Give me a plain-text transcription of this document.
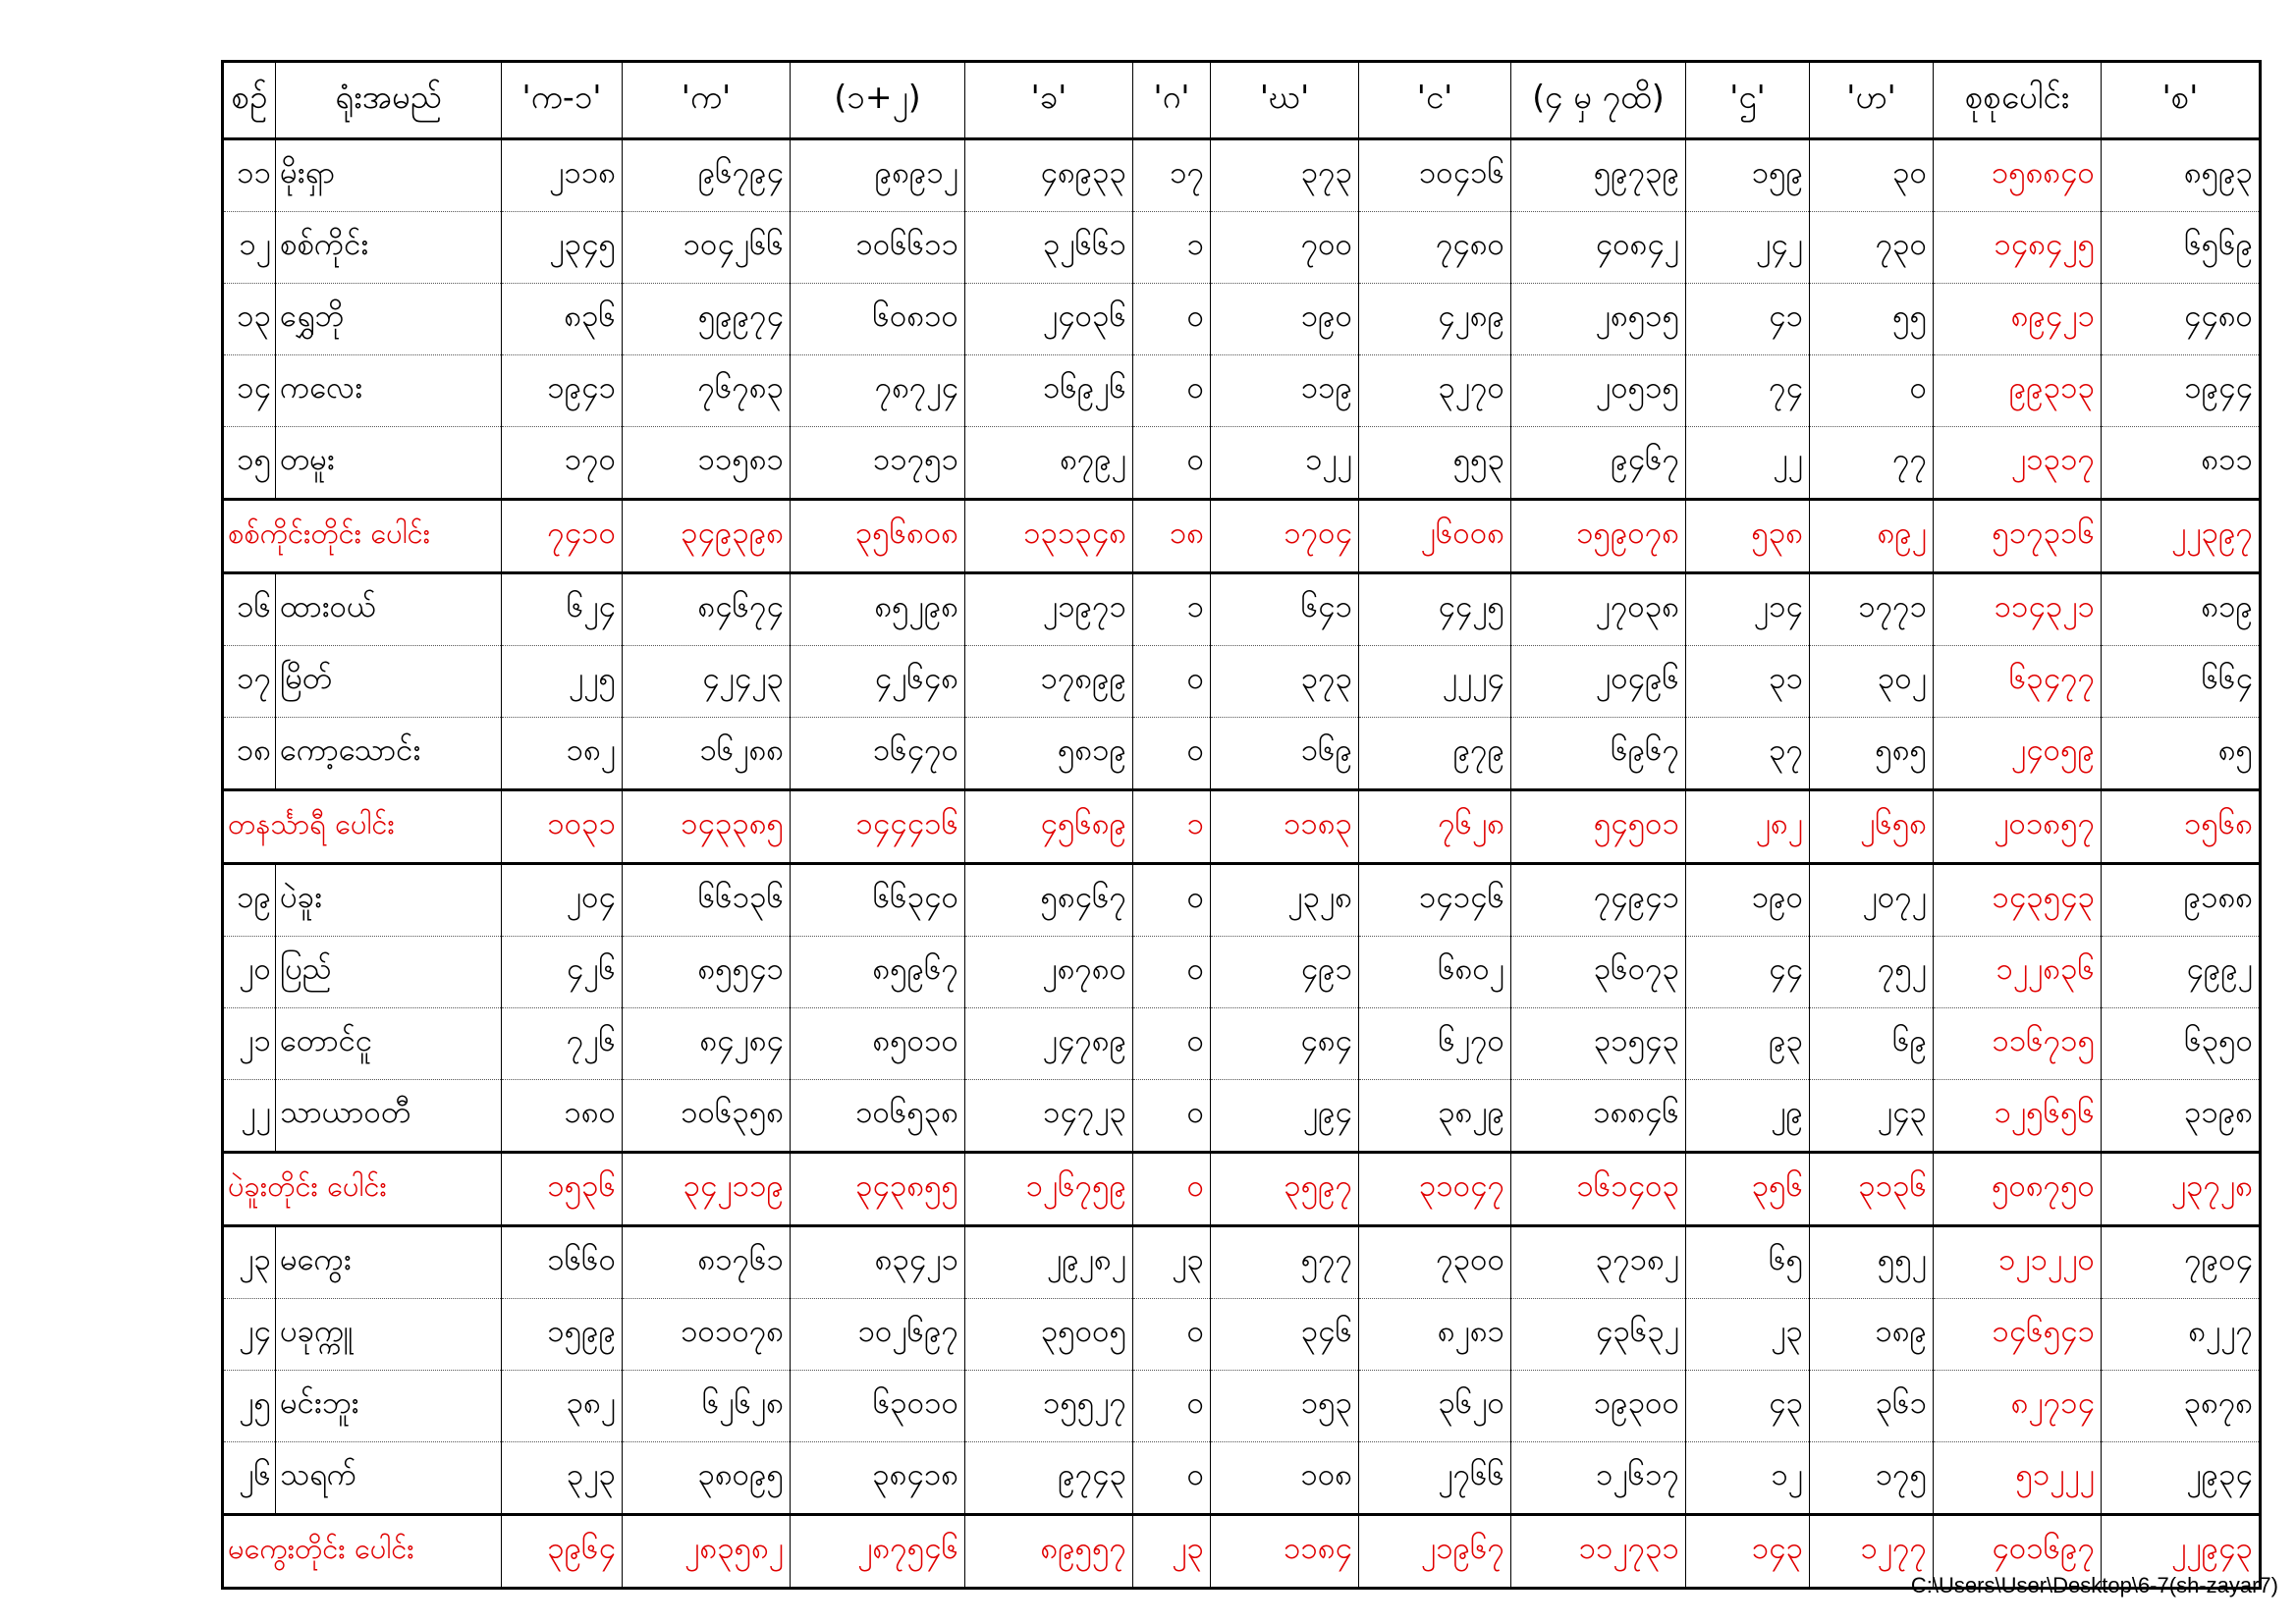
စဉ်	ရုံးအမည်	'က-၁'	'က'	(၁+၂)	'ခ'	'ဂ'	'ဃ'	'င'	(၄ မှ ၇ထိ)	'ဌ'	'ဟ'	စုစုပေါင်း	'စ'
၁၁	မိုးရှာ	၂၁၁၈	၉၆၇၉၄	၉၈၉၁၂	၄၈၉၃၃	၁၇	၃၇၃	၁၀၄၁၆	၅၉၇၃၉	၁၅၉	၃၀	၁၅၈၈၄၀	၈၅၉၃
၁၂	စစ်ကိုင်း	၂၃၄၅	၁၀၄၂၆၆	၁၀၆၆၁၁	၃၂၆၆၁	၁	၇၀၀	၇၄၈၀	၄၀၈၄၂	၂၄၂	၇၃၀	၁၄၈၄၂၅	၆၅၆၉
၁၃	ရွှေဘို	၈၃၆	၅၉၉၇၄	၆၀၈၁၀	၂၄၀၃၆	၀	၁၉၀	၄၂၈၉	၂၈၅၁၅	၄၁	၅၅	၈၉၄၂၁	၄၄၈၀
၁၄	ကလေး	၁၉၄၁	၇၆၇၈၃	၇၈၇၂၄	၁၆၉၂၆	၀	၁၁၉	၃၂၇၀	၂၀၅၁၅	၇၄	၀	၉၉၃၁၃	၁၉၄၄
၁၅	တမူး	၁၇၀	၁၁၅၈၁	၁၁၇၅၁	၈၇၉၂	၀	၁၂၂	၅၅၃	၉၄၆၇	၂၂	၇၇	၂၁၃၁၇	၈၁၁
စစ်ကိုင်းတိုင်း ပေါင်း		၇၄၁၀	၃၄၉၃၉၈	၃၅၆၈၀၈	၁၃၁၃၄၈	၁၈	၁၇၀၄	၂၆၀၀၈	၁၅၉၀၇၈	၅၃၈	၈၉၂	၅၁၇၃၁၆	၂၂၃၉၇
၁၆	ထားဝယ်	၆၂၄	၈၄၆၇၄	၈၅၂၉၈	၂၁၉၇၁	၁	၆၄၁	၄၄၂၅	၂၇၀၃၈	၂၁၄	၁၇၇၁	၁၁၄၃၂၁	၈၁၉
၁၇	မြိတ်	၂၂၅	၄၂၄၂၃	၄၂၆၄၈	၁၇၈၉၉	၀	၃၇၃	၂၂၂၄	၂၀၄၉၆	၃၁	၃၀၂	၆၃၄၇၇	၆၆၄
၁၈	ကော့သောင်း	၁၈၂	၁၆၂၈၈	၁၆၄၇၀	၅၈၁၉	၀	၁၆၉	၉၇၉	၆၉၆၇	၃၇	၅၈၅	၂၄၀၅၉	၈၅
တနင်္သာရီ ပေါင်း		၁၀၃၁	၁၄၃၃၈၅	၁၄၄၄၁၆	၄၅၆၈၉	၁	၁၁၈၃	၇၆၂၈	၅၄၅၀၁	၂၈၂	၂၆၅၈	၂၀၁၈၅၇	၁၅၆၈
၁၉	ပဲခူး	၂၀၄	၆၆၁၃၆	၆၆၃၄၀	၅၈၄၆၇	၀	၂၃၂၈	၁၄၁၄၆	၇၄၉၄၁	၁၉၀	၂၀၇၂	၁၄၃၅၄၃	၉၁၈၈
၂၀	ပြည်	၄၂၆	၈၅၅၄၁	၈၅၉၆၇	၂၈၇၈၀	၀	၄၉၁	၆၈၀၂	၃၆၀၇၃	၄၄	၇၅၂	၁၂၂၈၃၆	၄၉၉၂
၂၁	တောင်ငူ	၇၂၆	၈၄၂၈၄	၈၅၀၁၀	၂၄၇၈၉	၀	၄၈၄	၆၂၇၀	၃၁၅၄၃	၉၃	၆၉	၁၁၆၇၁၅	၆၃၅၀
၂၂	သာယာဝတီ	၁၈၀	၁၀၆၃၅၈	၁၀၆၅၃၈	၁၄၇၂၃	၀	၂၉၄	၃၈၂၉	၁၈၈၄၆	၂၉	၂၄၃	၁၂၅၆၅၆	၃၁၉၈
ပဲခူးတိုင်း ပေါင်း		၁၅၃၆	၃၄၂၁၁၉	၃၄၃၈၅၅	၁၂၆၇၅၉	၀	၃၅၉၇	၃၁၀၄၇	၁၆၁၄၀၃	၃၅၆	၃၁၃၆	၅၀၈၇၅၀	၂၃၇၂၈
၂၃	မကွေး	၁၆၆၀	၈၁၇၆၁	၈၃၄၂၁	၂၉၂၈၂	၂၃	၅၇၇	၇၃၀၀	၃၇၁၈၂	၆၅	၅၅၂	၁၂၁၂၂၀	၇၉၀၄
၂၄	ပခုက္ကူ	၁၅၉၉	၁၀၁၀၇၈	၁၀၂၆၉၇	၃၅၀၀၅	၀	၃၄၆	၈၂၈၁	၄၃၆၃၂	၂၃	၁၈၉	၁၄၆၅၄၁	၈၂၂၇
၂၅	မင်းဘူး	၃၈၂	၆၂၆၂၈	၆၃၀၁၀	၁၅၅၂၇	၀	၁၅၃	၃၆၂၀	၁၉၃၀၀	၄၃	၃၆၁	၈၂၇၁၄	၃၈၇၈
၂၆	သရက်	၃၂၃	၃၈၀၉၅	၃၈၄၁၈	၉၇၄၃	၀	၁၀၈	၂၇၆၆	၁၂၆၁၇	၁၂	၁၇၅	၅၁၂၂၂	၂၉၃၄
မကွေးတိုင်း ပေါင်း		၃၉၆၄	၂၈၃၅၈၂	၂၈၇၅၄၆	၈၉၅၅၇	၂၃	၁၁၈၄	၂၁၉၆၇	၁၁၂၇၃၁	၁၄၃	၁၂၇၇	၄၀၁၆၉၇	၂၂၉၄၃
C:\Users\User\Desktop\6-7(sh-zayar7)
